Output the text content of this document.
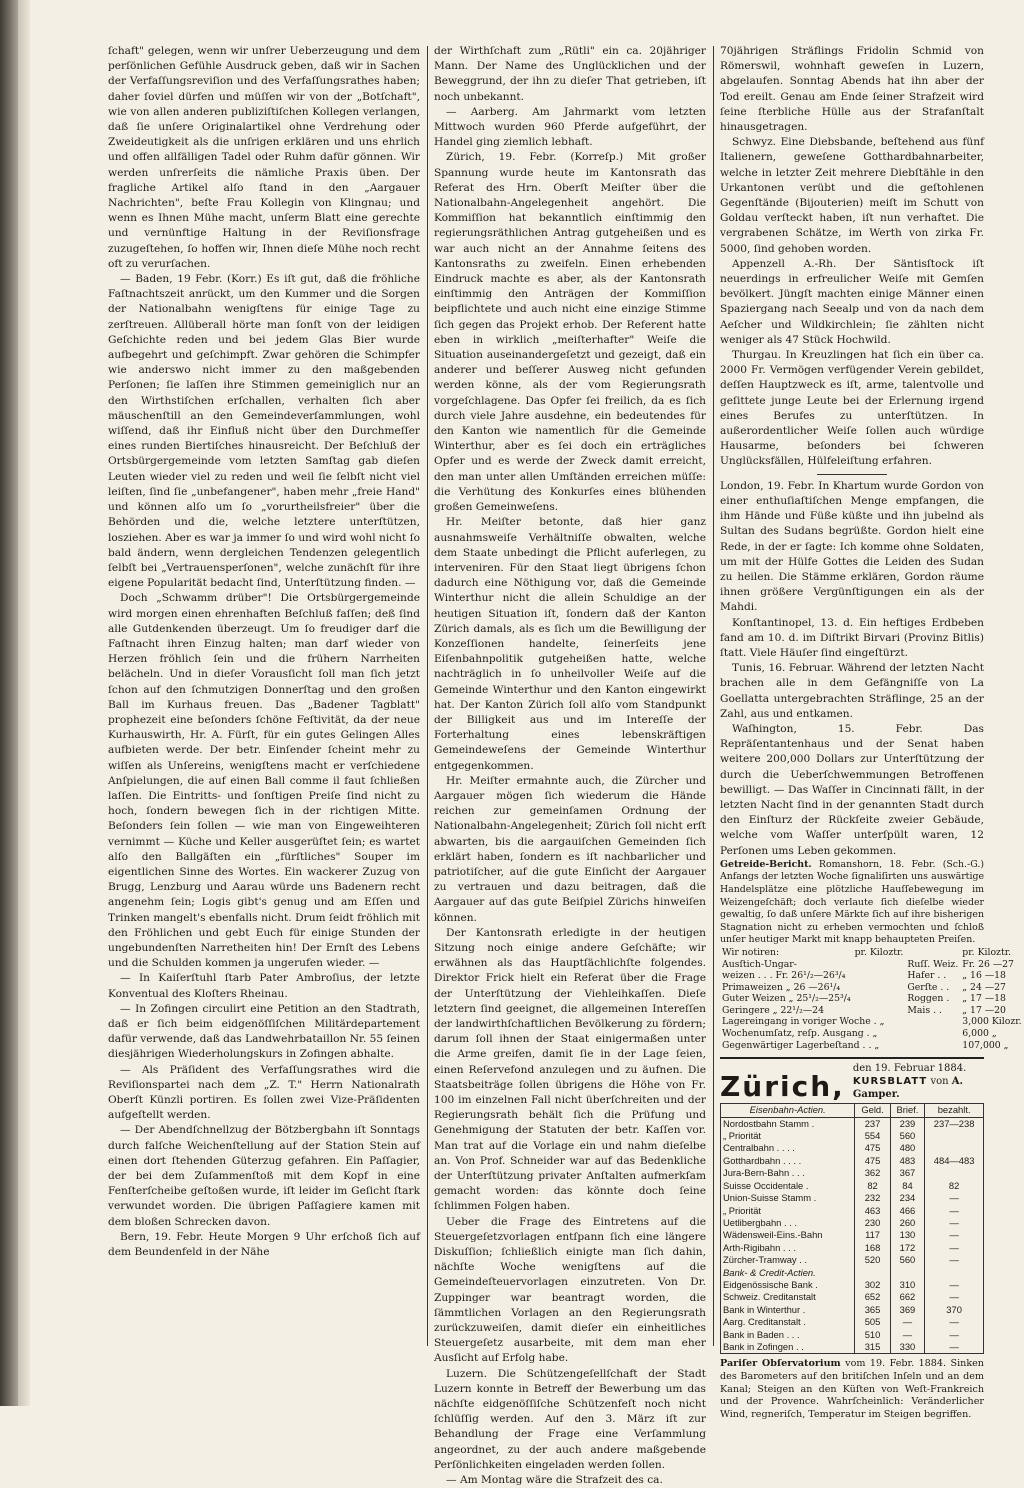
ſchaft" gelegen, wenn wir unſrer Ueberzeugung und dem perſönlichen Gefühle Ausdruck geben, daß wir in Sachen der Verfaſſungsreviſion und des Verfaſſungsrathes haben; daher ſoviel dürfen und müſſen wir von der „Botſchaft", wie von allen anderen publiziſtiſchen Kollegen verlangen, daß ſie unſere Originalartikel ohne Verdrehung oder Zweideutigkeit als die unſrigen erklären und uns ehrlich und offen allfälligen Tadel oder Ruhm dafür gönnen. Wir werden unſrerſeits die nämliche Praxis üben. Der fragliche Artikel alſo ſtand in den „Aargauer Nachrichten", beſte Frau Kollegin von Klingnau; und wenn es Ihnen Mühe macht, unſerm Blatt eine gerechte und vernünftige Haltung in der Reviſionsfrage zuzugeſtehen, ſo hoffen wir, Ihnen dieſe Mühe noch recht oft zu verurſachen.

— Baden, 19 Febr. (Korr.) Es iſt gut, daß die fröhliche Faſtnachtszeit anrückt, um den Kummer und die Sorgen der Nationalbahn wenigſtens für einige Tage zu zerſtreuen. Allüberall hörte man ſonſt von der leidigen Geſchichte reden und bei jedem Glas Bier wurde aufbegehrt und geſchimpft. Zwar gehören die Schimpfer wie anderswo nicht immer zu den maßgebenden Perſonen; ſie laſſen ihre Stimmen gemeiniglich nur an den Wirthstiſchen erſchallen, verhalten ſich aber mäuschenſtill an den Gemeindeverſammlungen, wohl wiſſend, daß ihr Einfluß nicht über den Durchmeſſer eines runden Biertiſches hinausreicht. Der Beſchluß der Ortsbürgergemeinde vom letzten Samſtag gab dieſen Leuten wieder viel zu reden und weil ſie ſelbſt nicht viel leiſten, ſind ſie „unbefangener", haben mehr „freie Hand" und können alſo um ſo „vorurtheilsfreier" über die Behörden und die, welche letztere unterſtützen, losziehen. Aber es war ja immer ſo und wird wohl nicht ſo bald ändern, wenn dergleichen Tendenzen gelegentlich ſelbſt bei „Vertrauensperſonen", welche zunächſt für ihre eigene Popularität bedacht ſind, Unterſtützung finden. —

Doch „Schwamm drüber"! Die Ortsbürgergemeinde wird morgen einen ehrenhaften Beſchluß faſſen; deß ſind alle Gutdenkenden überzeugt. Um ſo freudiger darf die Faſtnacht ihren Einzug halten; man darf wieder von Herzen fröhlich ſein und die frühern Narrheiten belächeln. Und in dieſer Vorausſicht ſoll man ſich jetzt ſchon auf den ſchmutzigen Donnerſtag und den großen Ball im Kurhaus freuen. Das „Badener Tagblatt" prophezeit eine beſonders ſchöne Feſtivität, da der neue Kurhauswirth, Hr. A. Fürſt, für ein gutes Gelingen Alles aufbieten werde. Der betr. Einſender ſcheint mehr zu wiſſen als Unſereins, wenigſtens macht er verſchiedene Anſpielungen, die auf einen Ball comme il faut ſchließen laſſen. Die Eintritts- und ſonſtigen Preiſe ſind nicht zu hoch, ſondern bewegen ſich in der richtigen Mitte. Beſonders ſein ſollen — wie man von Eingeweihteren vernimmt — Küche und Keller ausgerüſtet ſein; es wartet alſo den Ballgäſten ein „fürſtliches" Souper im eigentlichen Sinne des Wortes. Ein wackerer Zuzug von Brugg, Lenzburg und Aarau würde uns Badenern recht angenehm ſein; Logis gibt's genug und am Eſſen und Trinken mangelt's ebenfalls nicht. Drum ſeidt fröhlich mit den Fröhlichen und gebt Euch für einige Stunden der ungebundenſten Narretheiten hin! Der Ernſt des Lebens und die Schulden kommen ja ungerufen wieder. —

— In Kaiſerſtuhl ſtarb Pater Ambroſius, der letzte Konventual des Kloſters Rheinau.

— In Zofingen circulirt eine Petition an den Stadtrath, daß er ſich beim eidgenöſſiſchen Militärdepartement dafür verwende, daß das Landwehrbataillon Nr. 55 ſeinen diesjährigen Wiederholungskurs in Zofingen abhalte.

— Als Präſident des Verfaſſungsrathes wird die Reviſionspartei nach dem „Z. T." Herrn Nationalrath Oberſt Künzli portiren. Es ſollen zwei Vize-Präſidenten aufgeſtellt werden.

— Der Abendſchnellzug der Bötzbergbahn iſt Sonntags durch falſche Weichenſtellung auf der Station Stein auf einen dort ſtehenden Güterzug gefahren. Ein Paſſagier, der bei dem Zuſammenſtoß mit dem Kopf in eine Fenſterſcheibe geſtoßen wurde, iſt leider im Geſicht ſtark verwundet worden. Die übrigen Paſſagiere kamen mit dem bloßen Schrecken davon.

Bern, 19. Febr. Heute Morgen 9 Uhr erſchoß ſich auf dem Beundenfeld in der Nähe

der Wirthſchaft zum „Rütli" ein ca. 20jähriger Mann. Der Name des Unglücklichen und der Beweggrund, der ihn zu dieſer That getrieben, iſt noch unbekannt.

— Aarberg. Am Jahrmarkt vom letzten Mittwoch wurden 960 Pferde aufgeführt, der Handel ging ziemlich lebhaft.

Zürich, 19. Febr. (Korreſp.) Mit großer Spannung wurde heute im Kantonsrath das Referat des Hrn. Oberſt Meiſter über die Nationalbahn-Angelegenheit angehört. Die Kommiſſion hat bekanntlich einſtimmig den regierungsräthlichen Antrag gutgeheißen und es war auch nicht an der Annahme ſeitens des Kantonsraths zu zweifeln. Einen erhebenden Eindruck machte es aber, als der Kantonsrath einſtimmig den Anträgen der Kommiſſion beipflichtete und auch nicht eine einzige Stimme ſich gegen das Projekt erhob. Der Referent hatte eben in wirklich „meiſterhafter" Weiſe die Situation auseinandergeſetzt und gezeigt, daß ein anderer und beſſerer Ausweg nicht gefunden werden könne, als der vom Regierungsrath vorgeſchlagene. Das Opfer ſei freilich, da es ſich durch viele Jahre ausdehne, ein bedeutendes für den Kanton wie namentlich für die Gemeinde Winterthur, aber es ſei doch ein erträgliches Opfer und es werde der Zweck damit erreicht, den man unter allen Umſtänden erreichen müſſe: die Verhütung des Konkurſes eines blühenden großen Gemeinweſens.

Hr. Meiſter betonte, daß hier ganz ausnahmsweiſe Verhältniſſe obwalten, welche dem Staate unbedingt die Pflicht auferlegen, zu interveniren. Für den Staat liegt übrigens ſchon dadurch eine Nöthigung vor, daß die Gemeinde Winterthur nicht die allein Schuldige an der heutigen Situation iſt, ſondern daß der Kanton Zürich damals, als es ſich um die Bewilligung der Konzeſſionen handelte, ſeinerſeits jene Eiſenbahnpolitik gutgeheißen hatte, welche nachträglich in ſo unheilvoller Weiſe auf die Gemeinde Winterthur und den Kanton eingewirkt hat. Der Kanton Zürich ſoll alſo vom Standpunkt der Billigkeit aus und im Intereſſe der Forterhaltung eines lebenskräftigen Gemeindeweſens der Gemeinde Winterthur entgegenkommen.

Hr. Meiſter ermahnte auch, die Zürcher und Aargauer mögen ſich wiederum die Hände reichen zur gemeinſamen Ordnung der Nationalbahn-Angelegenheit; Zürich ſoll nicht erſt abwarten, bis die aargauiſchen Gemeinden ſich erklärt haben, ſondern es iſt nachbarlicher und patriotiſcher, auf die gute Einſicht der Aargauer zu vertrauen und dazu beitragen, daß die Aargauer auf das gute Beiſpiel Zürichs hinweiſen können.

Der Kantonsrath erledigte in der heutigen Sitzung noch einige andere Geſchäfte; wir erwähnen als das Hauptſächlichſte folgendes. Direktor Frick hielt ein Referat über die Frage der Unterſtützung der Viehleihkaſſen. Dieſe letztern ſind geeignet, die allgemeinen Intereſſen der landwirthſchaftlichen Bevölkerung zu fördern; darum ſoll ihnen der Staat einigermaßen unter die Arme greifen, damit ſie in der Lage ſeien, einen Reſervefond anzulegen und zu äufnen. Die Staatsbeiträge ſollen übrigens die Höhe von Fr. 100 im einzelnen Fall nicht überſchreiten und der Regierungsrath behält ſich die Prüfung und Genehmigung der Statuten der betr. Kaſſen vor. Man trat auf die Vorlage ein und nahm dieſelbe an. Von Prof. Schneider war auf das Bedenkliche der Unterſtützung privater Anſtalten aufmerkſam gemacht worden: das könnte doch ſeine ſchlimmen Folgen haben.

Ueber die Frage des Eintretens auf die Steuergeſetzvorlagen entſpann ſich eine längere Diskuſſion; ſchließlich einigte man ſich dahin, nächſte Woche wenigſtens auf die Gemeindeſteuervorlagen einzutreten. Von Dr. Zuppinger war beantragt worden, die ſämmtlichen Vorlagen an den Regierungsrath zurückzuweiſen, damit dieſer ein einheitliches Steuergeſetz ausarbeite, mit dem man eher Ausſicht auf Erfolg habe.

Luzern. Die Schützengeſellſchaft der Stadt Luzern konnte in Betreff der Bewerbung um das nächſte eidgenöſſiſche Schützenfeſt noch nicht ſchlüſſig werden. Auf den 3. März iſt zur Behandlung der Frage eine Verſammlung angeordnet, zu der auch andere maßgebende Perſönlichkeiten eingeladen werden ſollen.

— Am Montag wäre die Strafzeit des ca.

70jährigen Sträflings Fridolin Schmid von Römerswil, wohnhaft geweſen in Luzern, abgelaufen. Sonntag Abends hat ihn aber der Tod ereilt. Genau am Ende ſeiner Strafzeit wird ſeine ſterbliche Hülle aus der Strafanſtalt hinausgetragen.

Schwyz. Eine Diebsbande, beſtehend aus fünf Italienern, geweſene Gotthardbahnarbeiter, welche in letzter Zeit mehrere Diebſtähle in den Urkantonen verübt und die geſtohlenen Gegenſtände (Bijouterien) meiſt im Schutt von Goldau verſteckt haben, iſt nun verhaftet. Die vergrabenen Schätze, im Werth von zirka Fr. 5000, ſind gehoben worden.

Appenzell A.-Rh. Der Säntisſtock iſt neuerdings in erfreulicher Weiſe mit Gemſen bevölkert. Jüngſt machten einige Männer einen Spaziergang nach Seealp und von da nach dem Aeſcher und Wildkirchlein; ſie zählten nicht weniger als 47 Stück Hochwild.

Thurgau. In Kreuzlingen hat ſich ein über ca. 2000 Fr. Vermögen verfügender Verein gebildet, deſſen Hauptzweck es iſt, arme, talentvolle und geſittete junge Leute bei der Erlernung irgend eines Berufes zu unterſtützen. In außerordentlicher Weiſe ſollen auch würdige Hausarme, beſonders bei ſchweren Unglücksfällen, Hülfeleiſtung erfahren.

London, 19. Febr. In Khartum wurde Gordon von einer enthuſiaſtiſchen Menge empfangen, die ihm Hände und Füße küßte und ihn jubelnd als Sultan des Sudans begrüßte. Gordon hielt eine Rede, in der er ſagte: Ich komme ohne Soldaten, um mit der Hülfe Gottes die Leiden des Sudan zu heilen. Die Stämme erklären, Gordon räume ihnen größere Vergünſtigungen ein als der Mahdi.

Konſtantinopel, 13. d. Ein heftiges Erdbeben fand am 10. d. im Diſtrikt Birvari (Provinz Bitlis) ſtatt. Viele Häuſer ſind eingeſtürzt.

Tunis, 16. Februar. Während der letzten Nacht brachen alle in dem Gefängniſſe von La Goellatta untergebrachten Sträflinge, 25 an der Zahl, aus und entkamen.

Waſhington, 15. Febr. Das Repräſentantenhaus und der Senat haben weitere 200,000 Dollars zur Unterſtützung der durch die Ueberſchwemmungen Betroffenen bewilligt. — Das Waſſer in Cincinnati fällt, in der letzten Nacht ſind in der genannten Stadt durch den Einſturz der Rückſeite zweier Gebäude, welche vom Waſſer unterſpült waren, 12 Perſonen ums Leben gekommen.

Getreide-Bericht. Romanshorn, 18. Febr. (Sch.-G.) Anfangs der letzten Woche ſignaliſirten uns auswärtige Handelsplätze eine plötzliche Hauſſebewegung im Weizengeſchäft; doch verlaute ſich dieſelbe wieder gewaltig, ſo daß unſere Märkte ſich auf ihre bisherigen Stagnation nicht zu erheben vermochten und ſchloß unſer heutiger Markt mit knapp behaupteten Preiſen.

Wir notiren:	pr. Kiloztr.		pr. Kiloztr.
Ausſtich-Ungar-		Ruſſ. Weiz.	Fr. 26 —27
weizen . . . Fr. 26¹/₂—26³/₄		Hafer . .	„ 16 —18
Primaweizen „ 26 —26¹/₄		Gerſte . .	„ 24 —27
Guter Weizen „ 25¹/₂—25³/₄		Roggen .	„ 17 —18
Geringere „ 22¹/₂—24		Mais . .	„ 17 —20
Lagereingang in voriger Woche . „			3,000 Kilozr.
Wochenumſatz, reſp. Ausgang . „			6,000 „
Gegenwärtiger Lagerbeſtand . . „			107,000 „
Zürich,
den 19. Februar 1884.
KURSBLATT von A. Gamper.
Eisenbahn-Actien.	Geld.	Brief.	bezahlt.
Nordostbahn Stamm .	237	239	237—238
„ Priorität	554	560	
Centralbahn . . . .	475	480	
Gotthardbahn . . . .	475	483	484—483
Jura-Bern-Bahn . . .	362	367	
Suisse Occidentale .	82	84	82
Union-Suisse Stamm .	232	234	—
„ Priorität	463	466	—
Uetlibergbahn . . .	230	260	—
Wädensweil-Eins.-Bahn	117	130	—
Arth-Rigibahn . . .	168	172	—
Zürcher-Tramway . .	520	560	—
Bank- & Credit-Actien.			
Eidgenössische Bank .	302	310	—
Schweiz. Creditanstalt	652	662	—
Bank in Winterthur .	365	369	370
Aarg. Creditanstalt .	505	—	—
Bank in Baden . . .	510	—	—
Bank in Zofingen . .	315	330	—
Pariſer Obſervatorium vom 19. Febr. 1884. Sinken des Barometers auf den britiſchen Inſeln und an dem Kanal; Steigen an den Küſten von Weſt-Frankreich und der Provence. Wahrſcheinlich: Veränderlicher Wind, regneriſch, Temperatur im Steigen begriffen.
